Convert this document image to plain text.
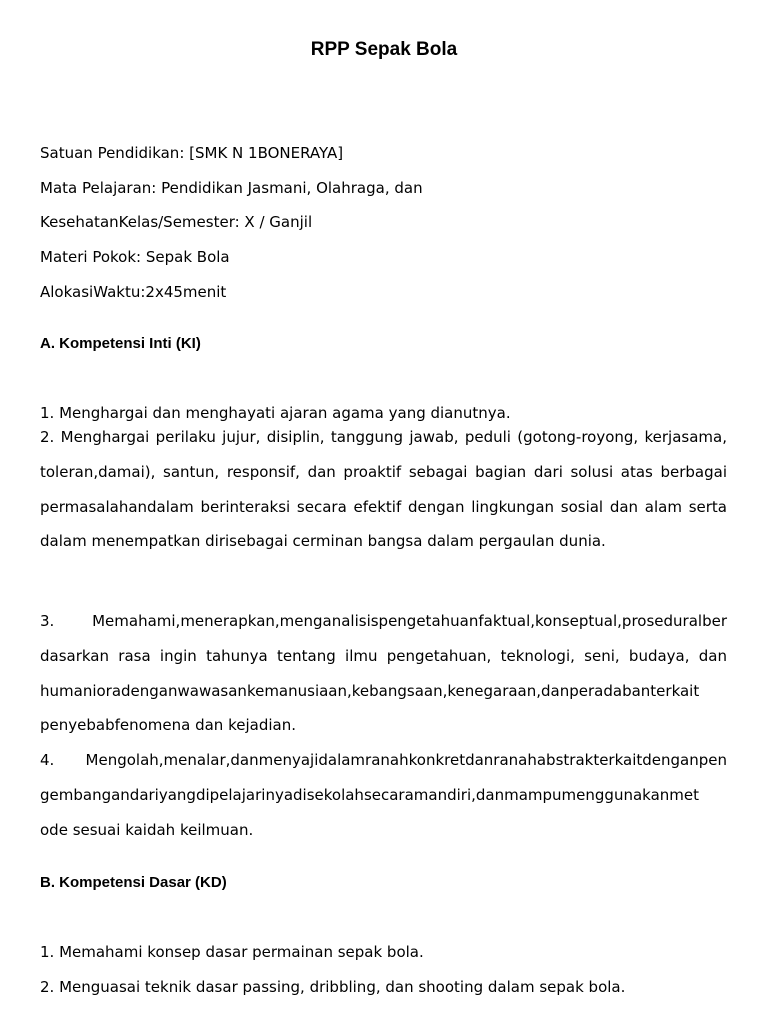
RPP Sepak Bola
Satuan Pendidikan: [SMK N 1BONERAYA]
Mata Pelajaran: Pendidikan Jasmani, Olahraga, dan
KesehatanKelas/Semester: X / Ganjil
Materi Pokok: Sepak Bola
AlokasiWaktu:2x45menit
A. Kompetensi Inti (KI)
1. Menghargai dan menghayati ajaran agama yang dianutnya.
2. Menghargai perilaku jujur, disiplin, tanggung jawab, peduli (gotong-royong, kerjasama, toleran,damai), santun, responsif, dan proaktif sebagai bagian dari solusi atas berbagai permasalahandalam berinteraksi secara efektif dengan lingkungan sosial dan alam serta dalam menempatkan dirisebagai cerminan bangsa dalam pergaulan dunia.
3. Memahami,menerapkan,menganalisispengetahuanfaktual,konseptual,proseduralber dasarkan rasa ingin tahunya tentang ilmu pengetahuan, teknologi, seni, budaya, dan humanioradenganwawasankemanusiaan,kebangsaan,kenegaraan,danperadabanterkait penyebabfenomena dan kejadian.
4. Mengolah,menalar,danmenyajidalamranahkonkretdanranahabstrakterkaitdenganpen gembangandariyangdipelajarinyadisekolahsecaramandiri,danmampumenggunakanmet ode sesuai kaidah keilmuan.
B. Kompetensi Dasar (KD)
1. Memahami konsep dasar permainan sepak bola.
2. Menguasai teknik dasar passing, dribbling, dan shooting dalam sepak bola.
